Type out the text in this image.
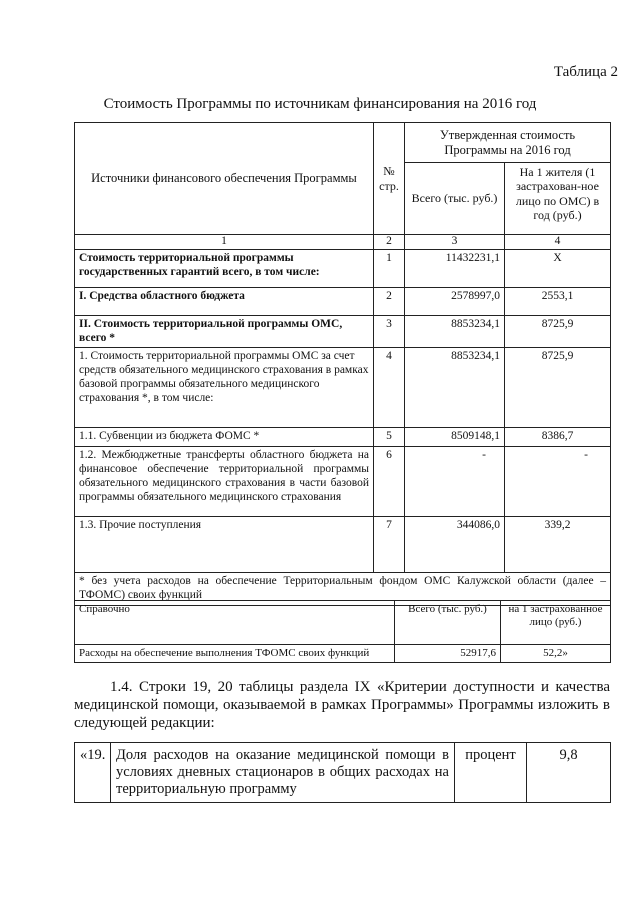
Таблица 2
Стоимость Программы по источникам финансирования на 2016 год
Источники финансового обеспечения Программы	№ стр.	Утвержденная стоимость Программы на 2016 год	
		Всего (тыс. руб.)	На 1 жителя (1 застрахован-ное лицо по ОМС) в год (руб.)
1	2	3	4
Стоимость территориальной программы государственных гарантий всего, в том числе:	1	11432231,1	Х
I. Средства областного бюджета	2	2578997,0	2553,1
II. Стоимость территориальной программы ОМС, всего *	3	8853234,1	8725,9
1. Стоимость территориальной программы ОМС за счет средств обязательного медицинского страхования в рамках базовой программы обязательного медицинского страхования *, в том числе:	4	8853234,1	8725,9
1.1. Субвенции из бюджета ФОМС *	5	8509148,1	8386,7
1.2. Межбюджетные трансферты областного бюджета на финансовое обеспечение территориальной программы обязательного медицинского страхования в части базовой программы обязательного медицинского страхования	6	-	-
1.3. Прочие поступления	7	344086,0	339,2
* без учета расходов на обеспечение Территориальным фондом ОМС Калужской области (далее – ТФОМС) своих функций			
Справочно	Всего (тыс. руб.)	на 1 застрахованное лицо (руб.)
Расходы на обеспечение выполнения ТФОМС своих функций	52917,6	52,2»
1.4. Строки 19, 20 таблицы раздела IX «Критерии доступности и качества медицинской помощи, оказываемой в рамках Программы» Программы изложить в следующей редакции:
«19.	Доля расходов на оказание медицинской помощи в условиях дневных стационаров в общих расходах на территориальную программу	процент	9,8
